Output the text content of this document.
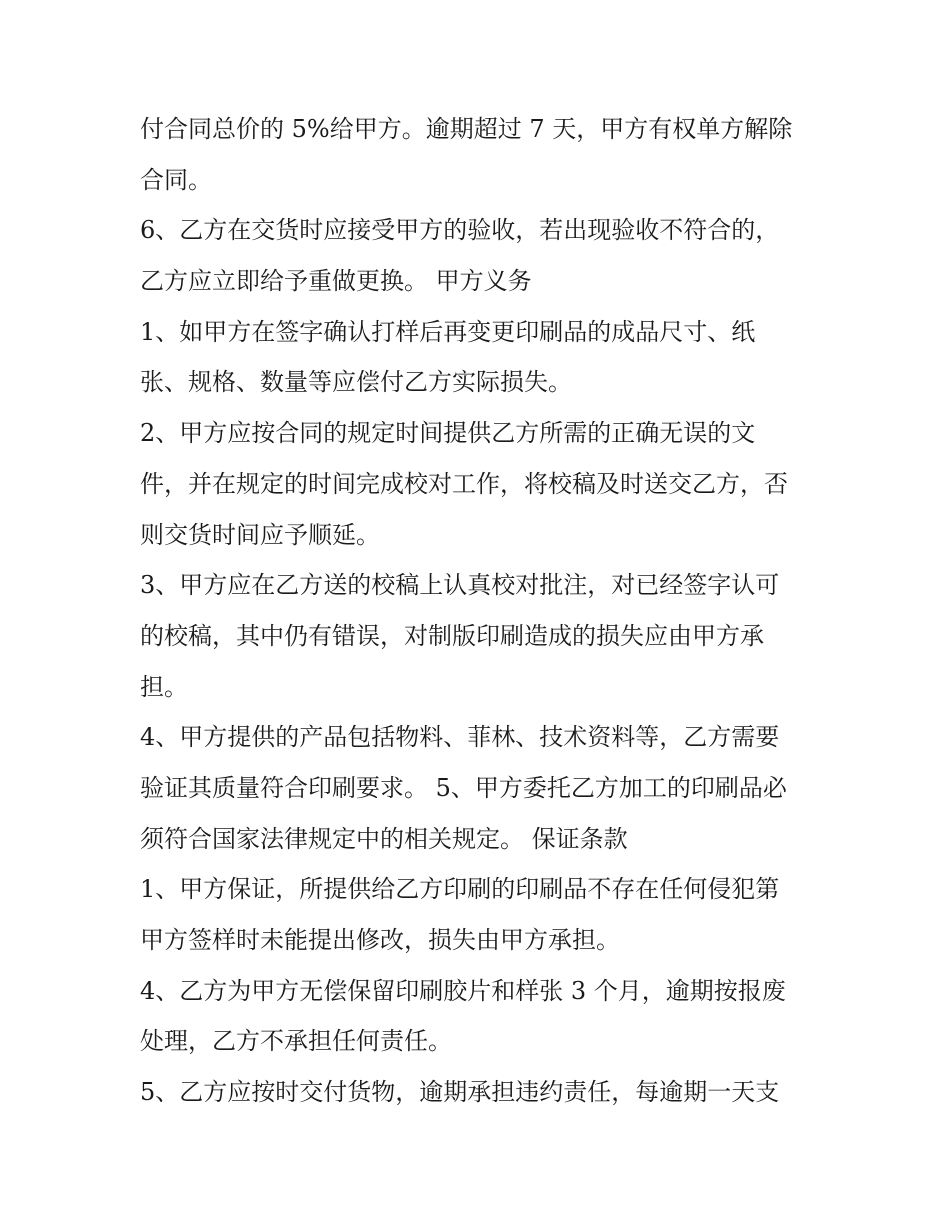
付合同总价的 5%给甲方。逾期超过 7 天，甲方有权单方解除
合同。
6、乙方在交货时应接受甲方的验收，若出现验收不符合的，
乙方应立即给予重做更换。 甲方义务
1、如甲方在签字确认打样后再变更印刷品的成品尺寸、纸
张、规格、数量等应偿付乙方实际损失。
2、甲方应按合同的规定时间提供乙方所需的正确无误的文
件，并在规定的时间完成校对工作，将校稿及时送交乙方，否
则交货时间应予顺延。
3、甲方应在乙方送的校稿上认真校对批注，对已经签字认可
的校稿，其中仍有错误，对制版印刷造成的损失应由甲方承
担。
4、甲方提供的产品包括物料、菲林、技术资料等，乙方需要
验证其质量符合印刷要求。 5、甲方委托乙方加工的印刷品必
须符合国家法律规定中的相关规定。 保证条款
1、甲方保证，所提供给乙方印刷的印刷品不存在任何侵犯第
甲方签样时未能提出修改，损失由甲方承担。
4、乙方为甲方无偿保留印刷胶片和样张 3 个月，逾期按报废
处理，乙方不承担任何责任。
5、乙方应按时交付货物，逾期承担违约责任，每逾期一天支
